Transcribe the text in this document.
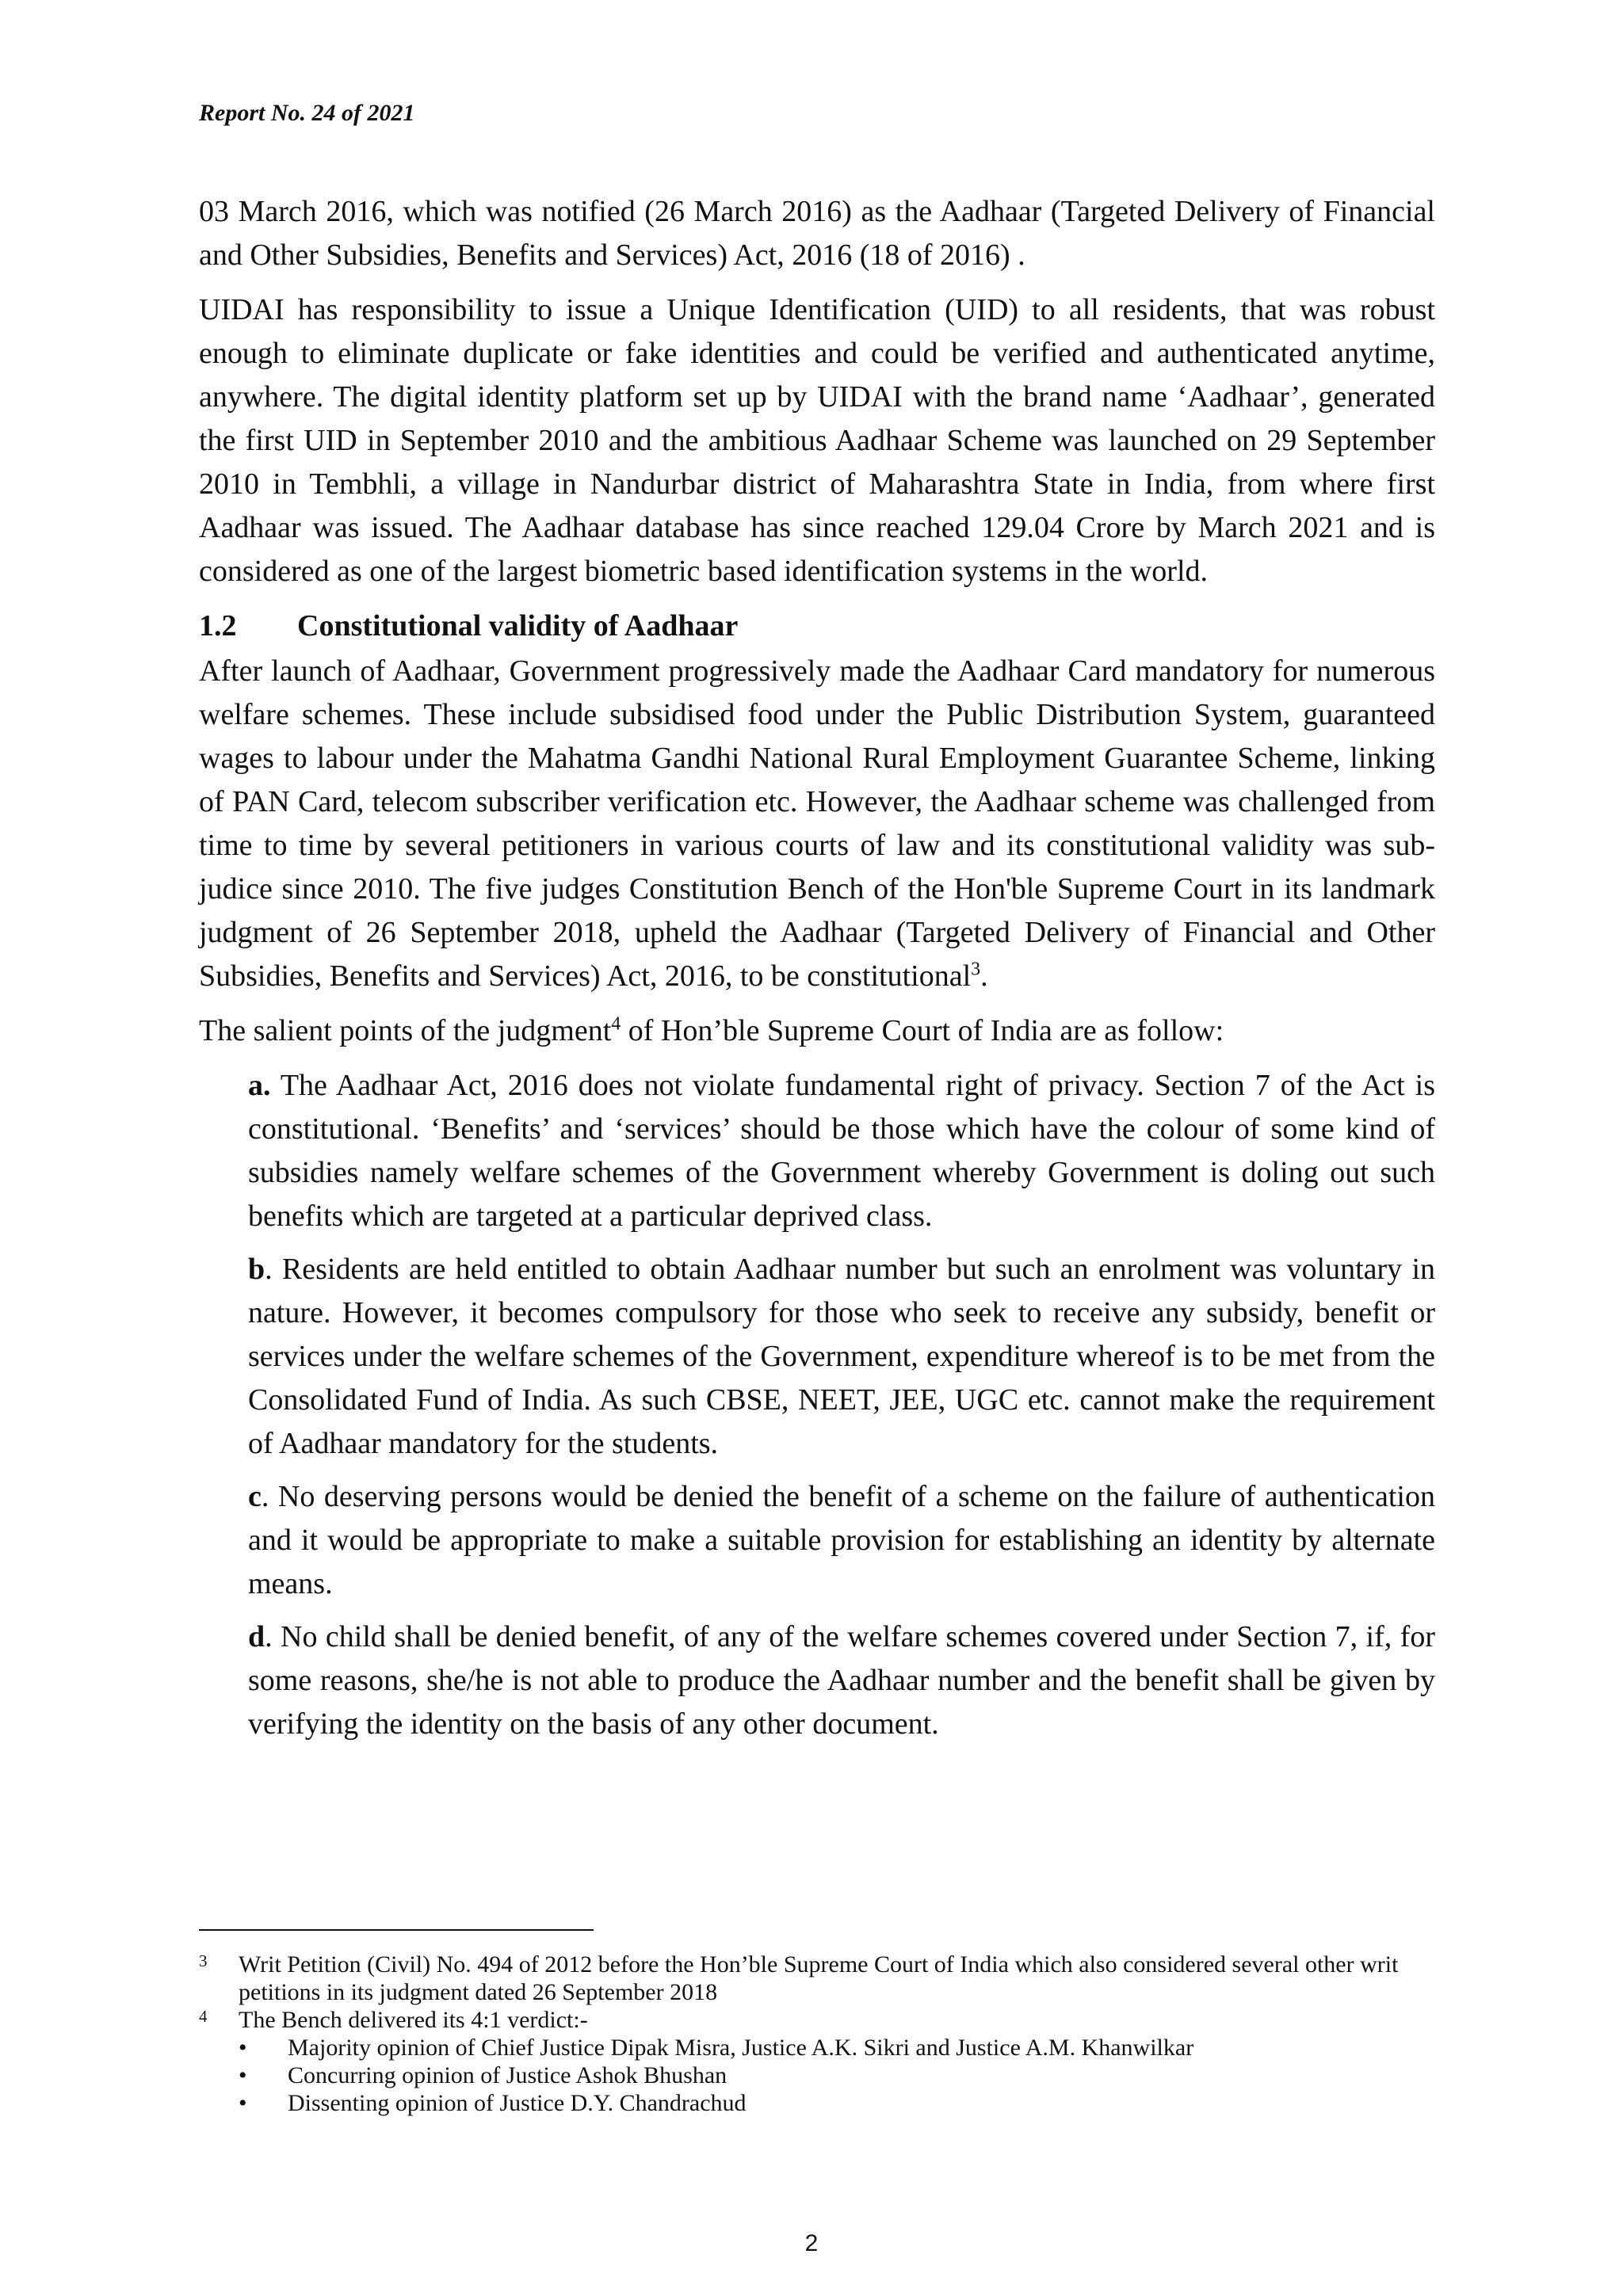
Report No. 24 of 2021

03 March 2016, which was notified (26 March 2016) as the Aadhaar (Targeted Delivery of Financial and Other Subsidies, Benefits and Services) Act, 2016 (18 of 2016) .

UIDAI has responsibility to issue a Unique Identification (UID) to all residents, that was robust enough to eliminate duplicate or fake identities and could be verified and authenticated anytime, anywhere. The digital identity platform set up by UIDAI with the brand name ‘Aadhaar’, generated the first UID in September 2010 and the ambitious Aadhaar Scheme was launched on 29 September 2010 in Tembhli, a village in Nandurbar district of Maharashtra State in India, from where first Aadhaar was issued. The Aadhaar database has since reached 129.04 Crore by March 2021 and is considered as one of the largest biometric based identification systems in the world.

1.2	Constitutional validity of Aadhaar

After launch of Aadhaar, Government progressively made the Aadhaar Card mandatory for numerous welfare schemes. These include subsidised food under the Public Distribution System, guaranteed wages to labour under the Mahatma Gandhi National Rural Employment Guarantee Scheme, linking of PAN Card, telecom subscriber verification etc. However, the Aadhaar scheme was challenged from time to time by several petitioners in various courts of law and its constitutional validity was sub- judice since 2010. The five judges Constitution Bench of the Hon'ble Supreme Court in its landmark judgment of 26 September 2018, upheld the Aadhaar (Targeted Delivery of Financial and Other Subsidies, Benefits and Services) Act, 2016, to be constitutional$^3$.

The salient points of the judgment$^4$ of Hon’ble Supreme Court of India are as follow:

a. The Aadhaar Act, 2016 does not violate fundamental right of privacy. Section 7 of the Act is constitutional. ‘Benefits’ and ‘services’ should be those which have the colour of some kind of subsidies namely welfare schemes of the Government whereby Government is doling out such benefits which are targeted at a particular deprived class.

b. Residents are held entitled to obtain Aadhaar number but such an enrolment was voluntary in nature. However, it becomes compulsory for those who seek to receive any subsidy, benefit or services under the welfare schemes of the Government, expenditure whereof is to be met from the Consolidated Fund of India. As such CBSE, NEET, JEE, UGC etc. cannot make the requirement of Aadhaar mandatory for the students.

c. No deserving persons would be denied the benefit of a scheme on the failure of authentication and it would be appropriate to make a suitable provision for establishing an identity by alternate means.

d. No child shall be denied benefit, of any of the welfare schemes covered under Section 7, if, for some reasons, she/he is not able to produce the Aadhaar number and the benefit shall be given by verifying the identity on the basis of any other document.

3	Writ Petition (Civil) No. 494 of 2012 before the Hon’ble Supreme Court of India which also considered several other writ petitions in its judgment dated 26 September 2018
4	The Bench delivered its 4:1 verdict:-
•	Majority opinion of Chief Justice Dipak Misra, Justice A.K. Sikri and Justice A.M. Khanwilkar
•	Concurring opinion of Justice Ashok Bhushan
•	Dissenting opinion of Justice D.Y. Chandrachud
2
